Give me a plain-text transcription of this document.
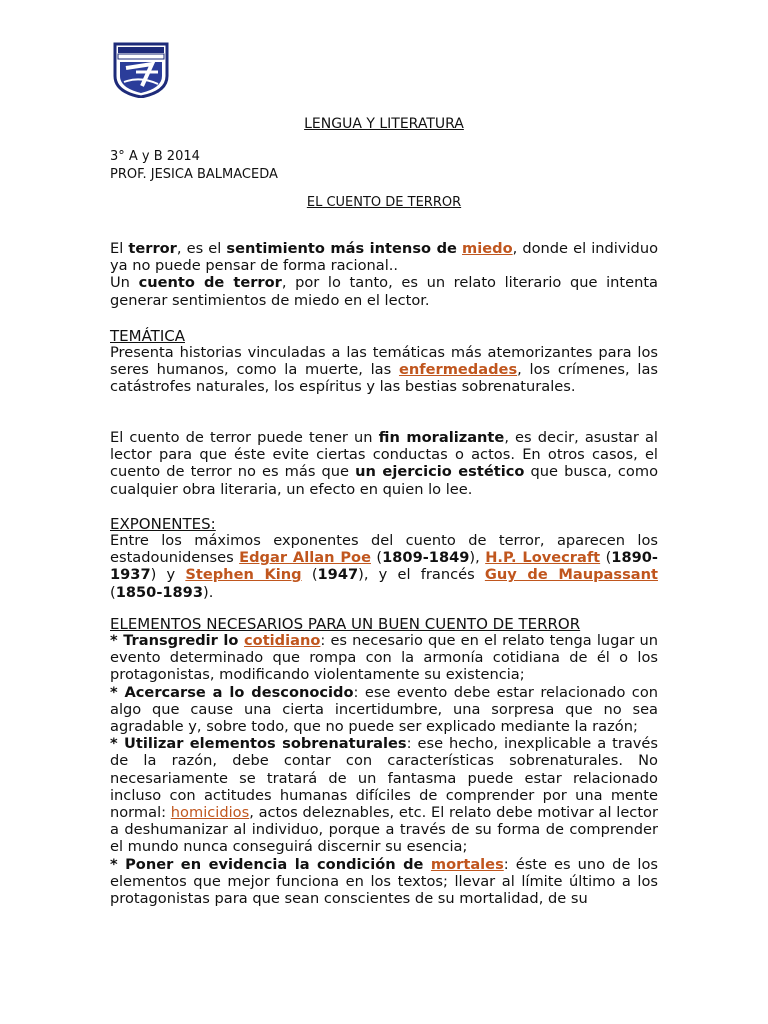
LENGUA Y LITERATURA
3° A y B 2014
PROF. JESICA BALMACEDA
EL CUENTO DE TERROR

El terror, es el sentimiento más intenso de miedo, donde el individuo ya no puede pensar de forma racional..

Un cuento de terror, por lo tanto, es un relato literario que intenta generar sentimientos de miedo en el lector.

TEMÁTICA
Presenta historias vinculadas a las temáticas más atemorizantes para los seres humanos, como la muerte, las enfermedades, los crímenes, las catástrofes naturales, los espíritus y las bestias sobrenaturales.
El cuento de terror puede tener un fin moralizante, es decir, asustar al lector para que éste evite ciertas conductas o actos. En otros casos, el cuento de terror no es más que un ejercicio estético que busca, como cualquier obra literaria, un efecto en quien lo lee.
EXPONENTES:
Entre los máximos exponentes del cuento de terror, aparecen los estadounidenses Edgar Allan Poe (1809-1849), H.P. Lovecraft (1890-1937) y Stephen King (1947), y el francés Guy de Maupassant (1850-1893).
ELEMENTOS NECESARIOS PARA UN BUEN CUENTO DE TERROR

* Transgredir lo cotidiano: es necesario que en el relato tenga lugar un evento determinado que rompa con la armonía cotidiana de él o los protagonistas, modificando violentamente su existencia;

* Acercarse a lo desconocido: ese evento debe estar relacionado con algo que cause una cierta incertidumbre, una sorpresa que no sea agradable y, sobre todo, que no puede ser explicado mediante la razón;

* Utilizar elementos sobrenaturales: ese hecho, inexplicable a través de la razón, debe contar con características sobrenaturales. No necesariamente se tratará de un fantasma puede estar relacionado incluso con actitudes humanas difíciles de comprender por una mente normal: homicidios, actos deleznables, etc. El relato debe motivar al lector a deshumanizar al individuo, porque a través de su forma de comprender el mundo nunca conseguirá discernir su esencia;

* Poner en evidencia la condición de mortales: éste es uno de los elementos que mejor funciona en los textos; llevar al límite último a los protagonistas para que sean conscientes de su mortalidad, de su
